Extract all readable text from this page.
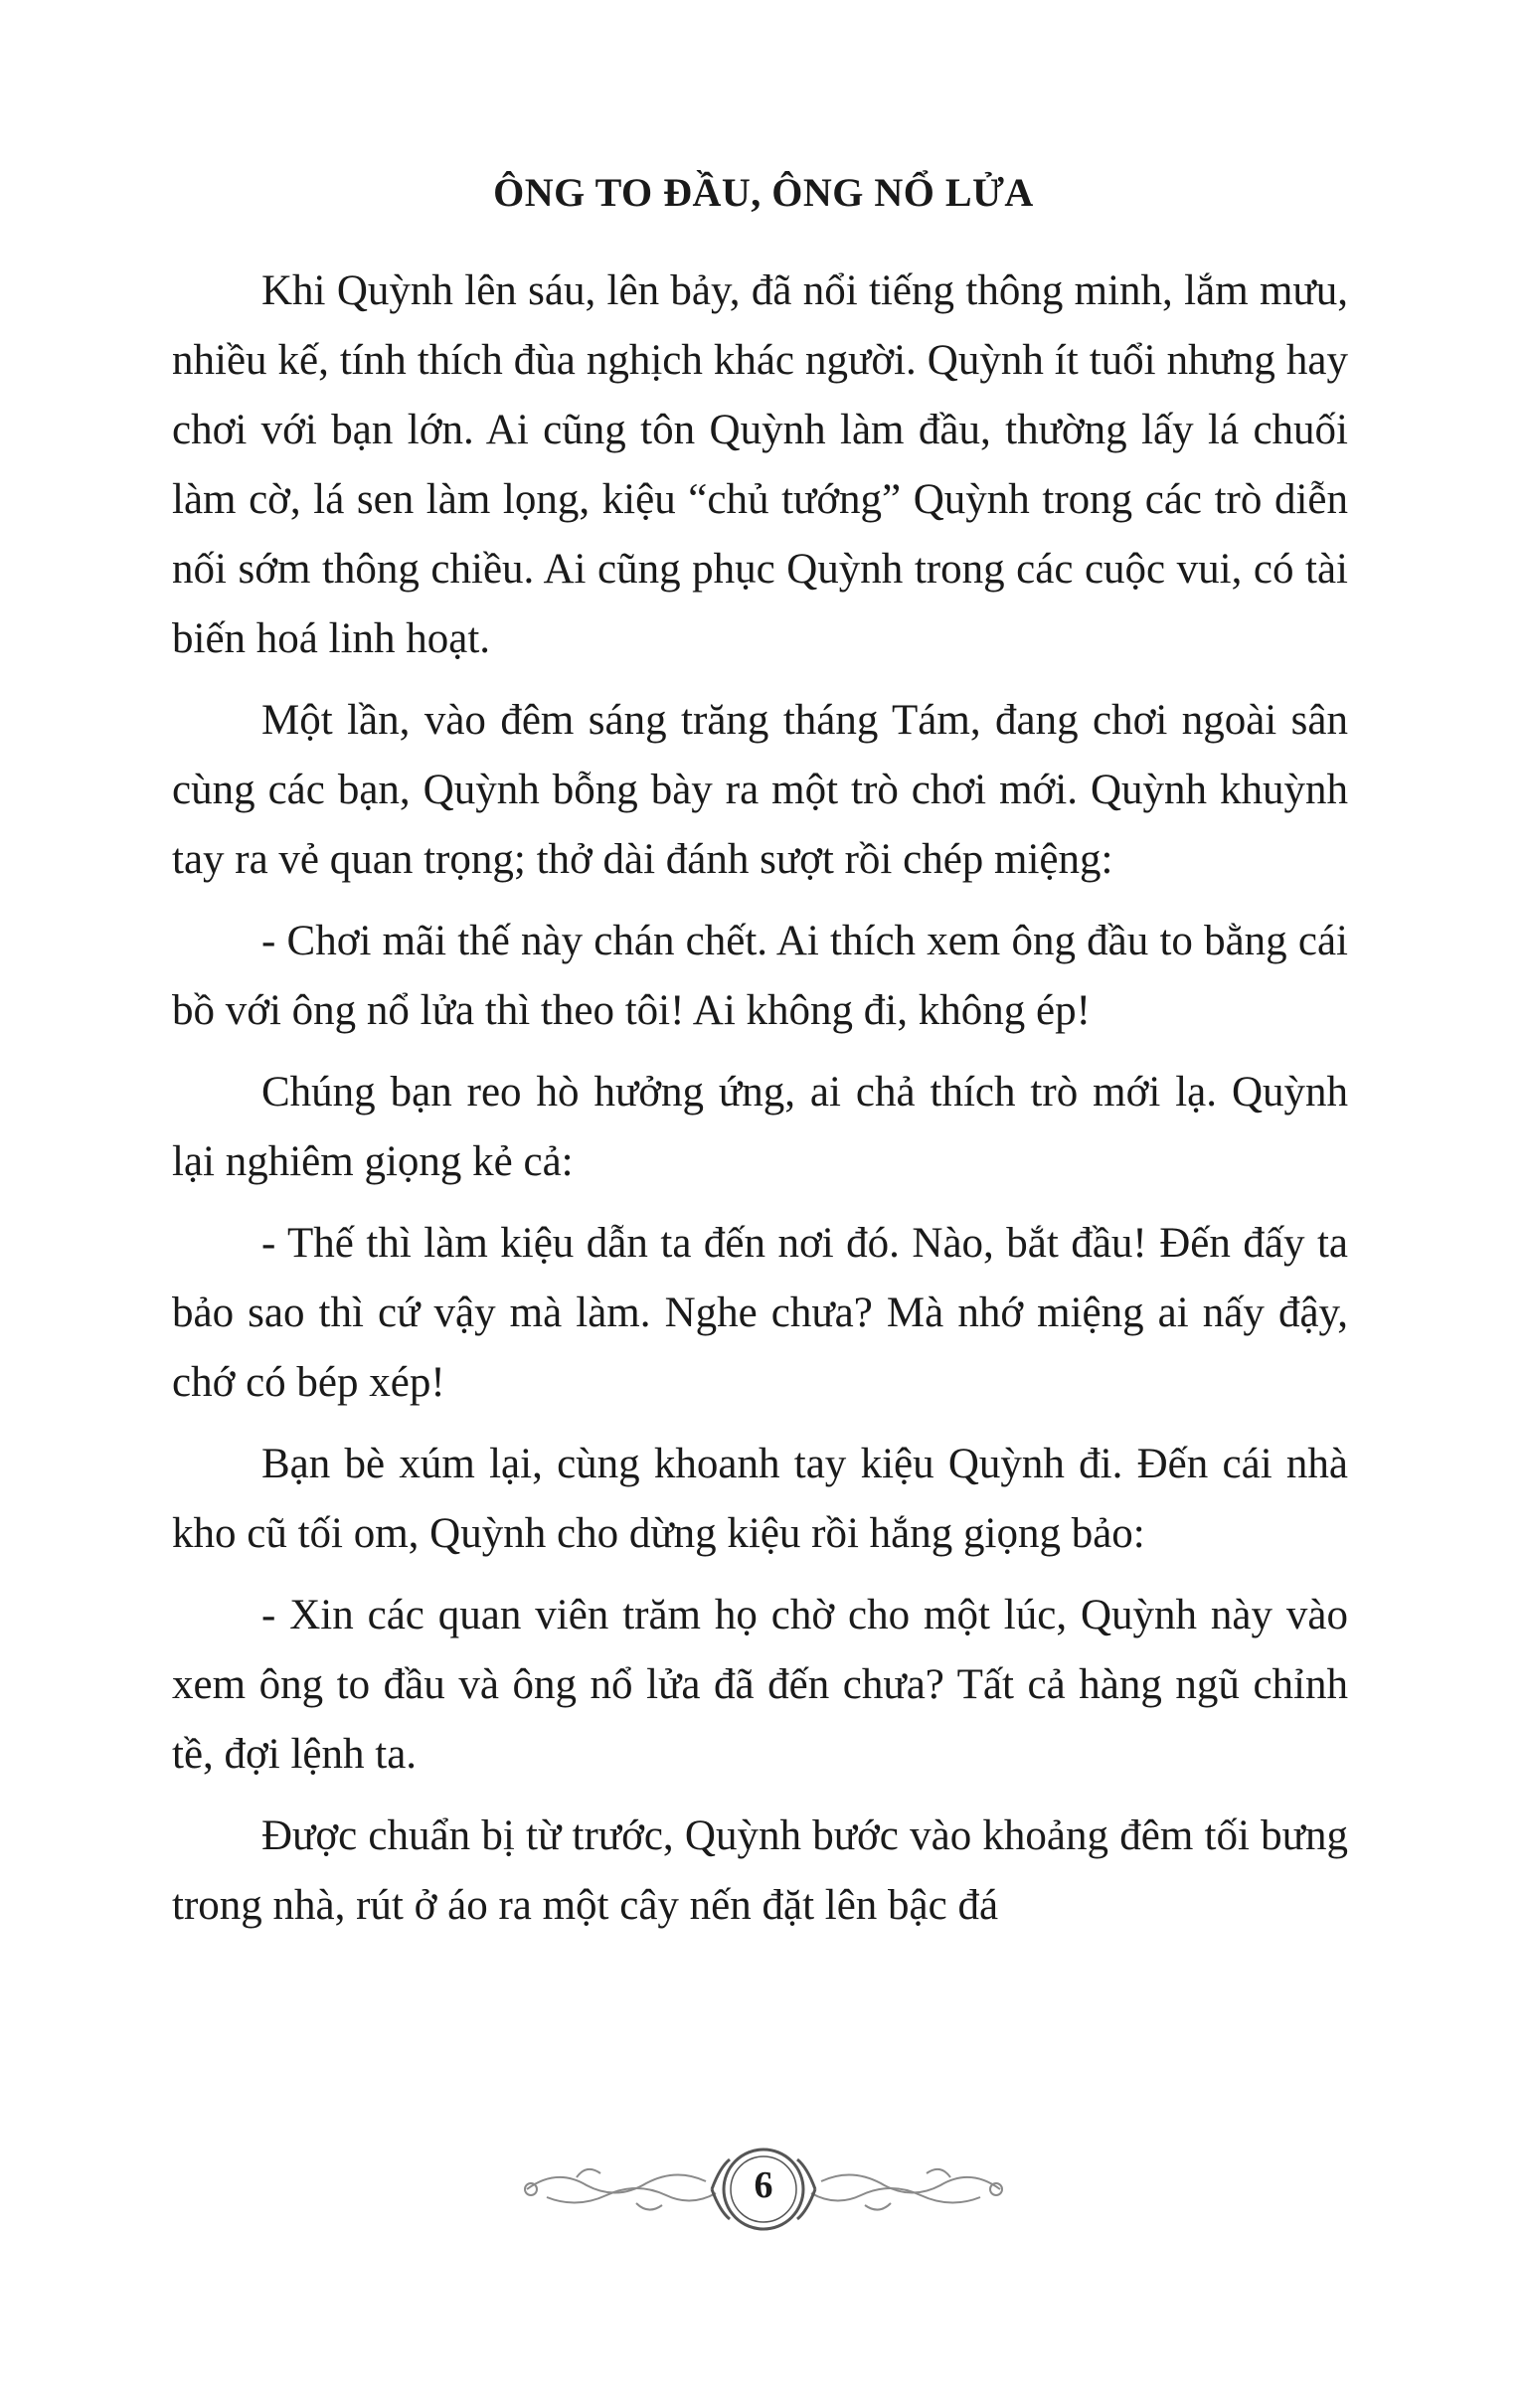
ÔNG TO ĐẦU, ÔNG NỔ LỬA

Khi Quỳnh lên sáu, lên bảy, đã nổi tiếng thông minh, lắm mưu, nhiều kế, tính thích đùa nghịch khác người. Quỳnh ít tuổi nhưng hay chơi với bạn lớn. Ai cũng tôn Quỳnh làm đầu, thường lấy lá chuối làm cờ, lá sen làm lọng, kiệu “chủ tướng” Quỳnh trong các trò diễn nối sớm thông chiều. Ai cũng phục Quỳnh trong các cuộc vui, có tài biến hoá linh hoạt.

Một lần, vào đêm sáng trăng tháng Tám, đang chơi ngoài sân cùng các bạn, Quỳnh bỗng bày ra một trò chơi mới. Quỳnh khuỳnh tay ra vẻ quan trọng; thở dài đánh sượt rồi chép miệng:

- Chơi mãi thế này chán chết. Ai thích xem ông đầu to bằng cái bồ với ông nổ lửa thì theo tôi! Ai không đi, không ép!

Chúng bạn reo hò hưởng ứng, ai chả thích trò mới lạ. Quỳnh lại nghiêm giọng kẻ cả:

- Thế thì làm kiệu dẫn ta đến nơi đó. Nào, bắt đầu! Đến đấy ta bảo sao thì cứ vậy mà làm. Nghe chưa? Mà nhớ miệng ai nấy đậy, chớ có bép xép!

Bạn bè xúm lại, cùng khoanh tay kiệu Quỳnh đi. Đến cái nhà kho cũ tối om, Quỳnh cho dừng kiệu rồi hắng giọng bảo:

- Xin các quan viên trăm họ chờ cho một lúc, Quỳnh này vào xem ông to đầu và ông nổ lửa đã đến chưa? Tất cả hàng ngũ chỉnh tề, đợi lệnh ta.

Được chuẩn bị từ trước, Quỳnh bước vào khoảng đêm tối bưng trong nhà, rút ở áo ra một cây nến đặt lên bậc đá

6
